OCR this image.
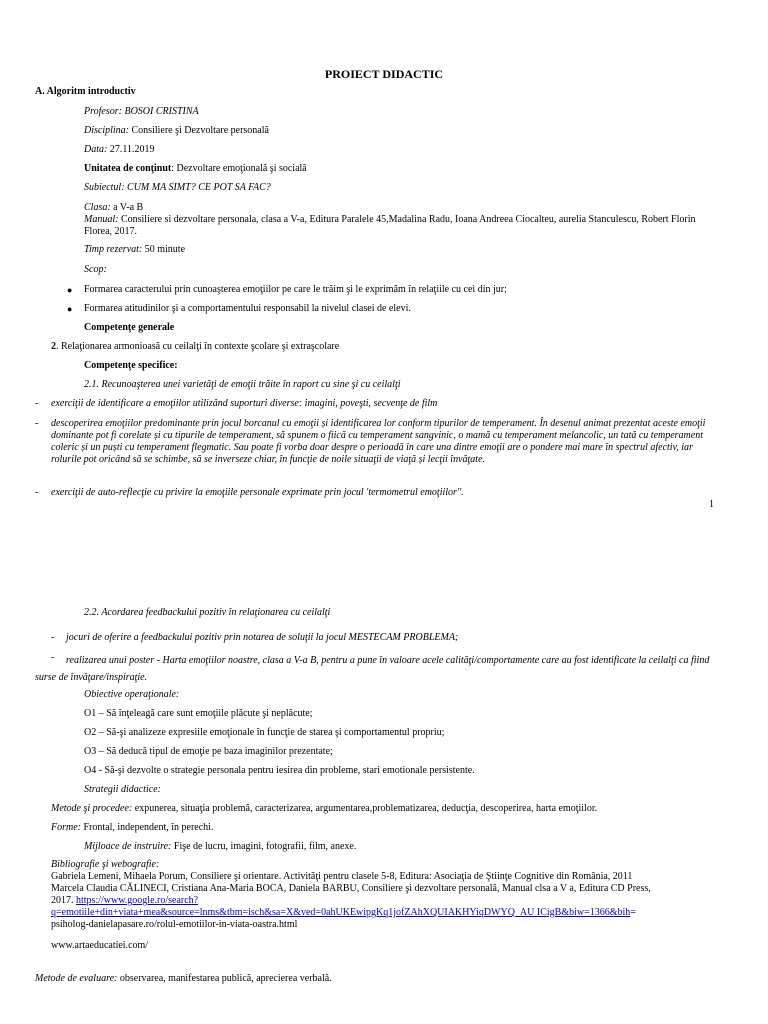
PROIECT DIDACTIC
A. Algoritm introductiv
Profesor: BOSOI CRISTINA
Disciplina: Consiliere şi Dezvoltare personală
Data: 27.11.2019
Unitatea de conţinut: Dezvoltare emoţională şi socială
Subiectul: CUM MA SIMT? CE POT SA FAC?
Clasa: a V-a B
Manual: Consiliere si dezvoltare personala, clasa a V-a, Editura Paralele 45,Madalina Radu, Ioana Andreea Ciocalteu, aurelia Stanculescu, Robert Florin Florea, 2017.
Timp rezervat: 50 minute
Scop:
● Formarea caracterului prin cunoaşterea emoţiilor pe care le trăim şi le exprimăm în relaţiile cu cei din jur;
● Formarea atitudinilor şi a comportamentului responsabil la nivelul clasei de elevi.
Competenţe generale
2. Relaţionarea armonioasă cu ceilalţi în contexte şcolare şi extraşcolare
Competenţe specifice:
2.1. Recunoaşterea unei varietăţi de emoţii trăite în raport cu sine şi cu ceilalţi
- exerciţii de identificare a emoţiilor utilizând suporturi diverse: imagini, poveşti, secvenţe de film
- descoperirea emoţiilor predominante prin jocul borcanul cu emoţii și identificarea lor conform tipurilor de temperament. În desenul animat prezentat aceste emoţii dominante pot fi corelate și cu tipurile de temperament, să spunem o fiică cu temperament sangvinic, o mamă cu temperament melancolic, un tată cu temperament coleric și un puști cu temperament flegmatic. Sau poate fi vorba doar despre o perioadă în care una dintre emoţii are o pondere mai mare în spectrul afectiv, iar rolurile pot oricând să se schimbe, să se inverseze chiar, în funcţie de noile situaţii de viaţă și lecţii învăţate.
- exerciţii de auto-reflecţie cu privire la emoţiile personale exprimate prin jocul 'termometrul emoţiilor''.
1
2.2. Acordarea feedbackului pozitiv în relaţionarea cu ceilalţi
- jocuri de oferire a feedbackului pozitiv prin notarea de soluţii la jocul MESTECAM PROBLEMA;
-	realizarea unui poster - Harta emoţiilor noastre, clasa a V-a B, pentru a pune în valoare acele calităţi/comportamente care au fost identificate la ceilalţi ca fiind surse de învăţare/inspiraţie.
Obiective operaţionale:
O1 – Să înţeleagă care sunt emoţiile plăcute şi neplăcute;
O2 – Să-şi analizeze expresiile emoţionale în funcţie de starea şi comportamentul propriu;
O3 – Să deducă tipul de emoţie pe baza imaginilor prezentate;
O4 - Să-şi dezvolte o strategie personala pentru iesirea din probleme, stari emotionale persistente.
Strategii didactice:
Metode şi procedee: expunerea, situaţia problemă, caracterizarea, argumentarea,problematizarea, deducţia, descoperirea, harta emoţiilor.
Forme: Frontal, independent, în perechi.
Mijloace de instruire: Fişe de lucru, imagini, fotografii, film, anexe.
Bibliografie şi webografie:
Gabriela Lemeni, Mihaela Porum, Consiliere şi orientare. Activităţi pentru clasele 5-8, Editura: Asociaţia de Ştiinţe Cognitive din România, 2011
Marcela Claudia CĂLINECI, Cristiana Ana-Maria BOCA, Daniela BARBU, Consiliere şi dezvoltare personală, Manual clsa a V a, Editura CD Press,
2017. https://www.google.ro/search?
q=emotiile+din+viata+mea&source=lnms&tbm=isch&sa=X&ved=0ahUKEwipgKq1jofZAhXQUIAKHYiqDWYQ_AU ICigB&biw=1366&bih=
psiholog-danielapasare.ro/rolul-emotiilor-in-viata-oastra.html
www.artaeducatiei.com/
Metode de evaluare: observarea, manifestarea publică, aprecierea verbală.
